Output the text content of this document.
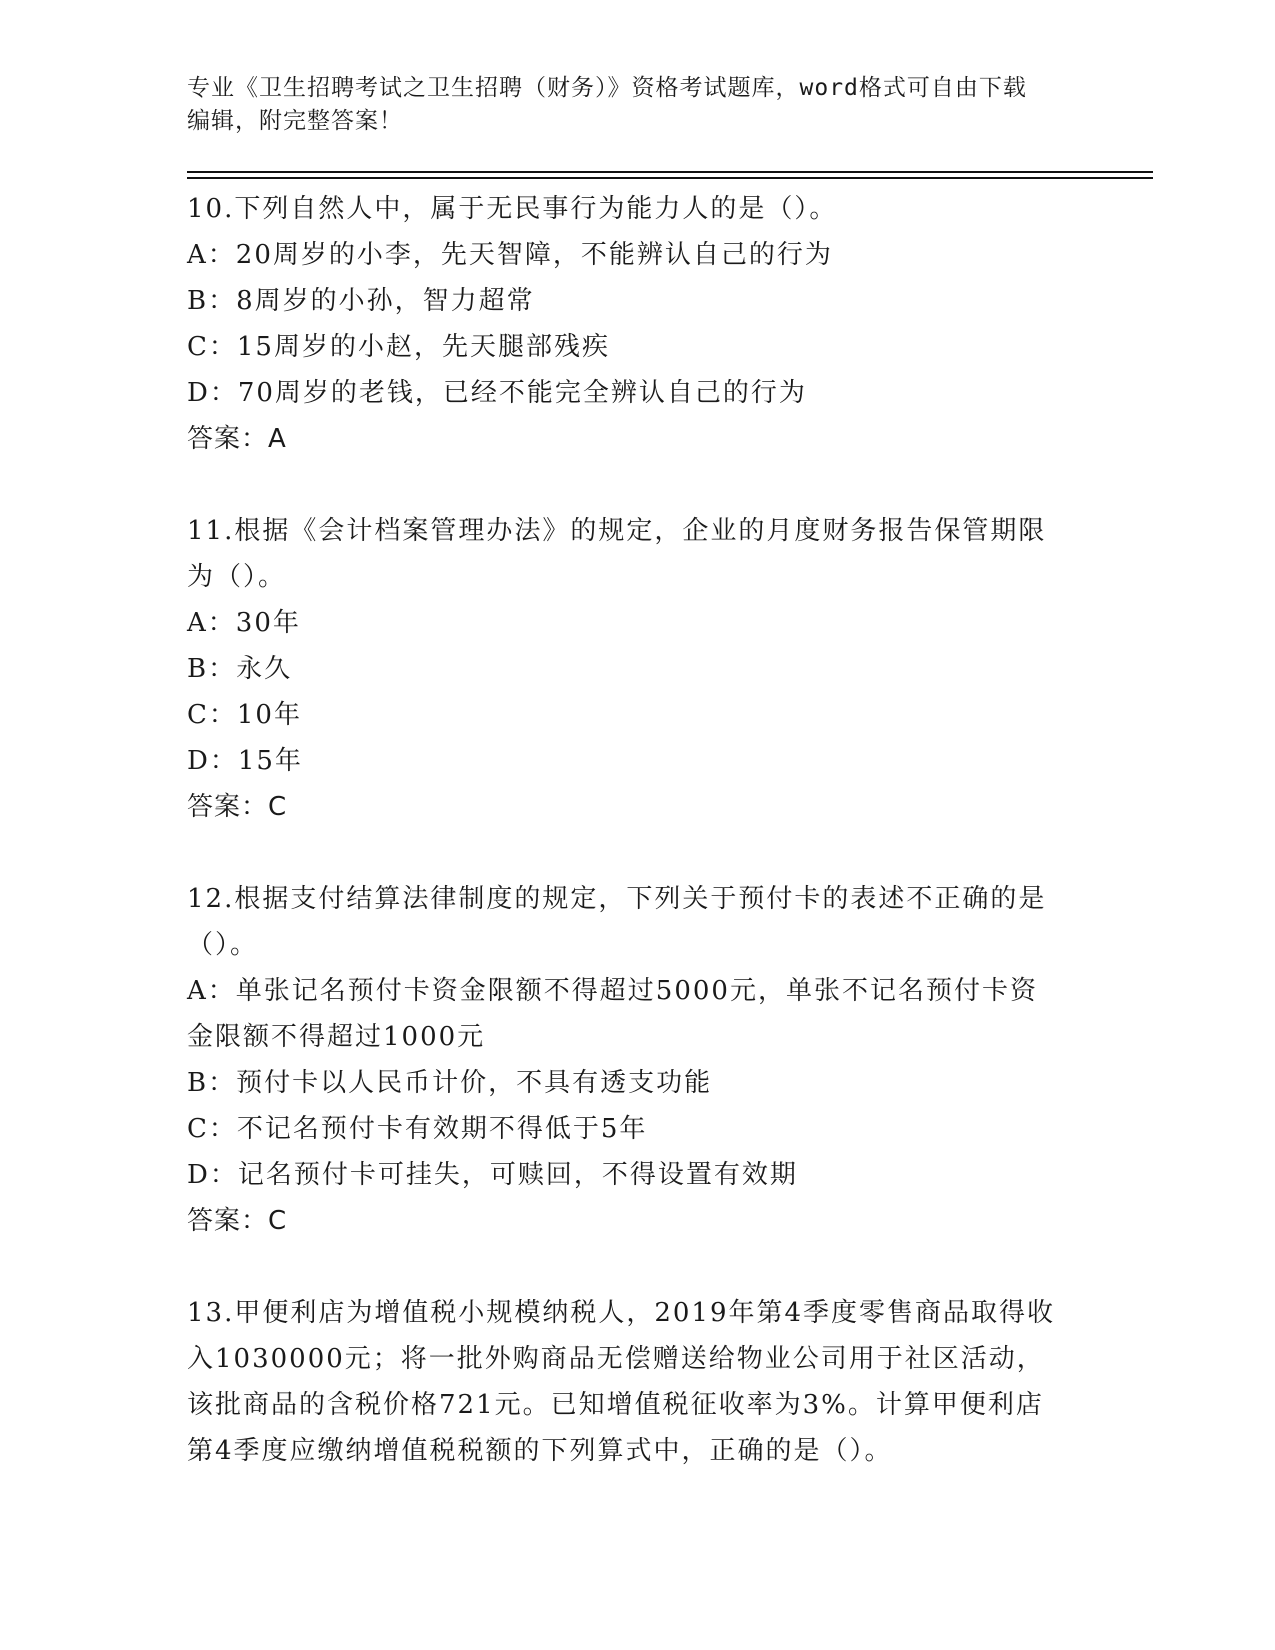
专业《卫生招聘考试之卫生招聘（财务）》资格考试题库，word格式可自由下载
编辑，附完整答案！
10.下列自然人中，属于无民事行为能力人的是（）。
A：20周岁的小李，先天智障，不能辨认自己的行为
B：8周岁的小孙，智力超常
C：15周岁的小赵，先天腿部残疾
D：70周岁的老钱，已经不能完全辨认自己的行为
答案：A
11.根据《会计档案管理办法》的规定，企业的月度财务报告保管期限
为（）。
A：30年
B：永久
C：10年
D：15年
答案：C
12.根据支付结算法律制度的规定，下列关于预付卡的表述不正确的是
（）。
A：单张记名预付卡资金限额不得超过5000元，单张不记名预付卡资
金限额不得超过1000元
B：预付卡以人民币计价，不具有透支功能
C：不记名预付卡有效期不得低于5年
D：记名预付卡可挂失，可赎回，不得设置有效期
答案：C
13.甲便利店为增值税小规模纳税人，2019年第4季度零售商品取得收
入1030000元；将一批外购商品无偿赠送给物业公司用于社区活动，
该批商品的含税价格721元。已知增值税征收率为3%。计算甲便利店
第4季度应缴纳增值税税额的下列算式中，正确的是（）。
